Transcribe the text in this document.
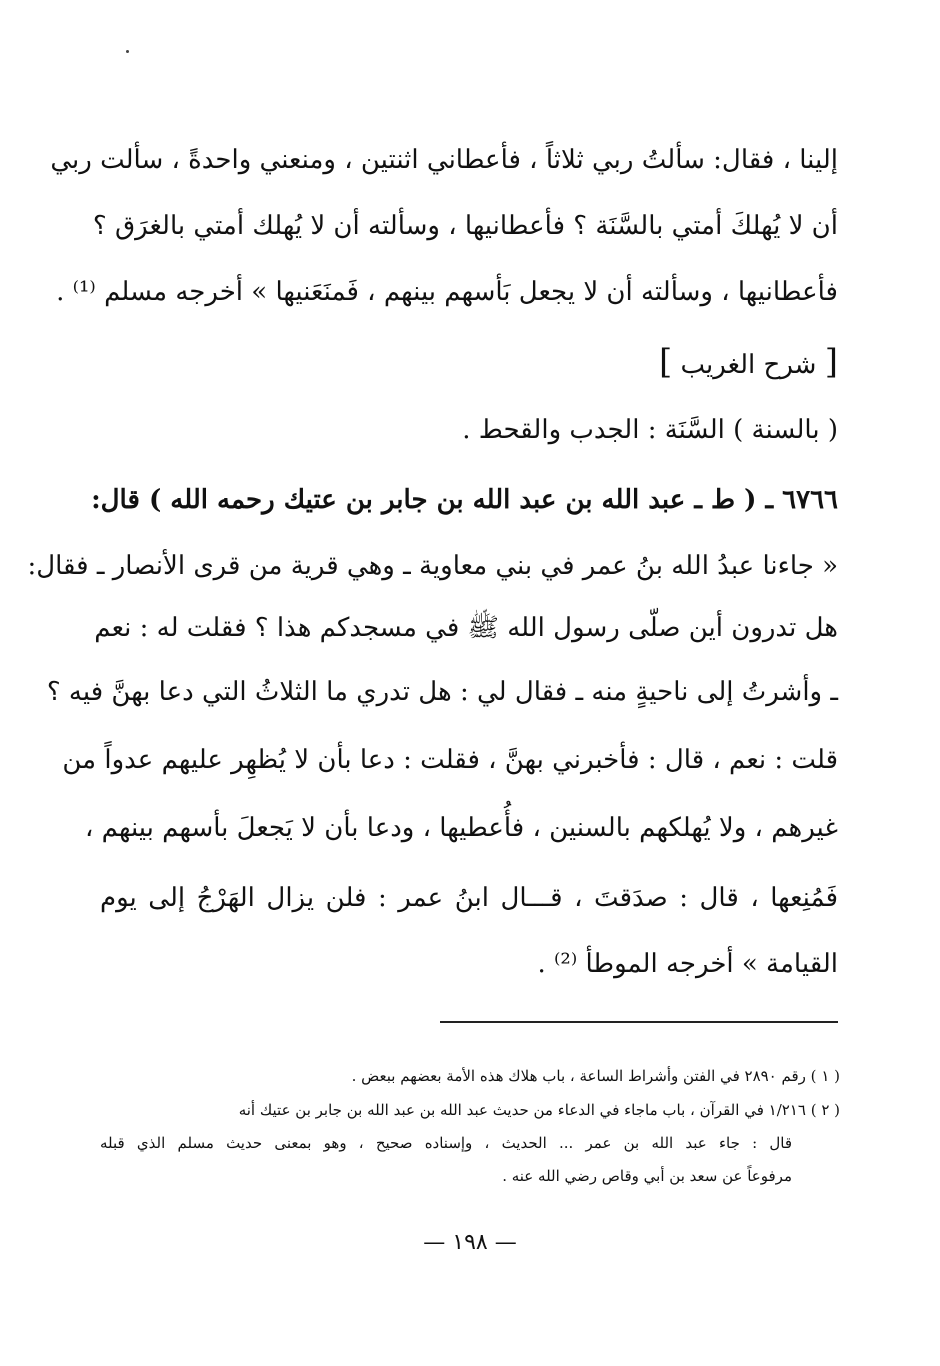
إلينا ، فقال: سألتُ ربي ثلاثاً ، فأعطاني اثنتين ، ومنعني واحدةً ، سألت ربي
أن لا يُهلكَ أمتي بالسَّنَة ؟ فأعطانيها ، وسألته أن لا يُهلك أمتي بالغرَق ؟
فأعطانيها ، وسألته أن لا يجعل بَأسهم بينهم ، فَمنَعَنيها » أخرجه مسلم ⁽¹⁾ .
[ شرح الغريب ]
( بالسنة ) السَّنَة : الجدب والقحط .
٦٧٦٦ ـ ( ط ـ عبد الله بن عبد الله بن جابر بن عتيك رحمه الله ) قال:
« جاءنا عبدُ الله بنُ عمر في بني معاوية ـ وهي قرية من قرى الأنصار ـ فقال:
هل تدرون أين صلّى رسول الله ﷺ في مسجدكم هذا ؟ فقلت له : نعم
ـ وأشرتُ إلى ناحيةٍ منه ـ فقال لي : هل تدري ما الثلاثُ التي دعا بهنَّ فيه ؟
قلت : نعم ، قال : فأخبرني بهنَّ ، فقلت : دعا بأن لا يُظهِر عليهم عدواً من
غيرهم ، ولا يُهلكهم بالسنين ، فأُعطيها ، ودعا بأن لا يَجعلَ بأسهم بينهم ،
فَمُنِعها ، قال : صدَقتَ ، قـــال ابنُ عمر : فلن يزال الهَرْجُ إلى يوم
القيامة » أخرجه الموطأ ⁽²⁾ .
( ١ ) رقم ٢٨٩٠ في الفتن وأشراط الساعة ، باب هلاك هذه الأمة بعضهم ببعض .
( ٢ ) ١/٢١٦ في القرآن ، باب ماجاء في الدعاء من حديث عبد الله بن عبد الله بن جابر بن عتيك أنه
قال : جاء عبد الله بن عمر ... الحديث ، وإسناده صحيح ، وهو بمعنى حديث مسلم الذي قبله
مرفوعاً عن سعد بن أبي وقاص رضي الله عنه .
— ١٩٨ —
